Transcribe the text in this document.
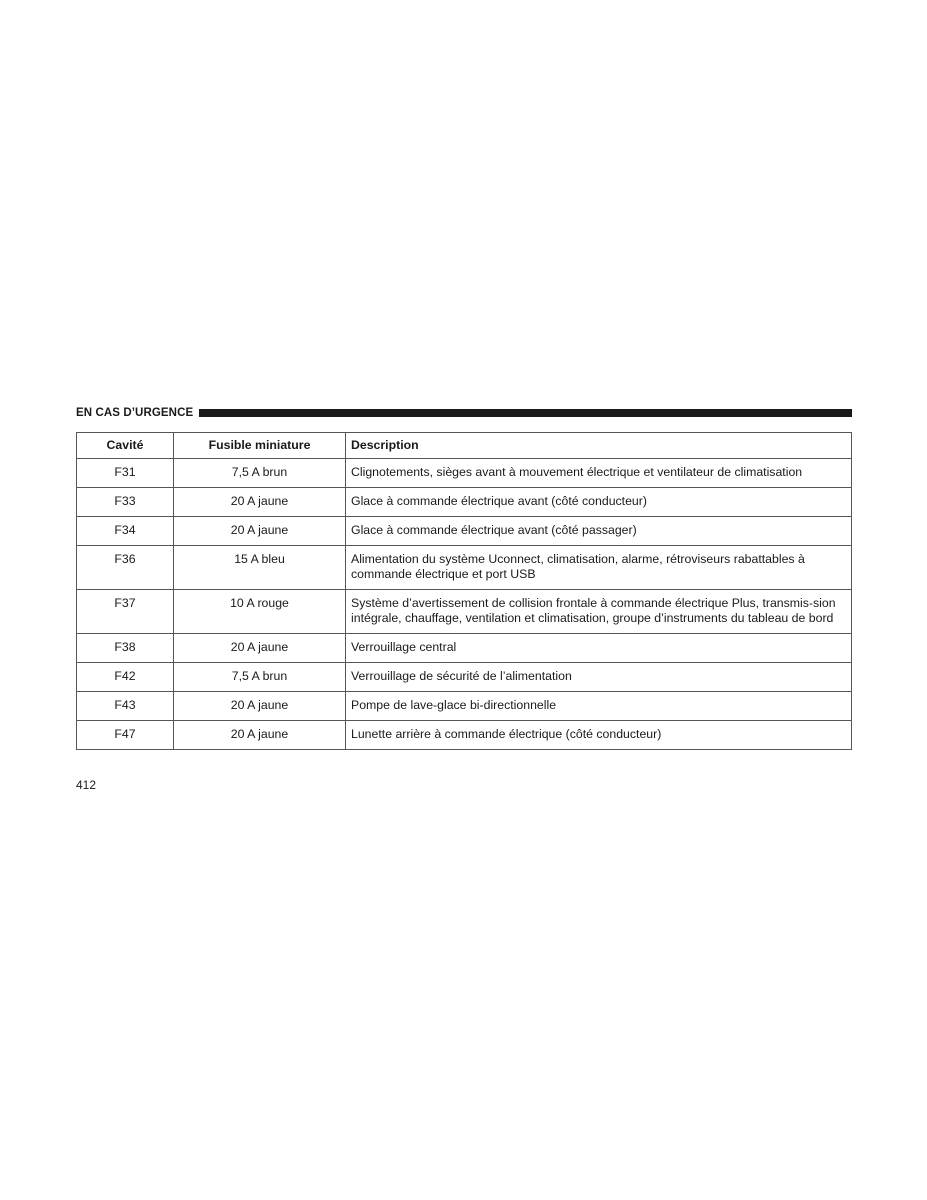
EN CAS D’URGENCE
Cavité	Fusible miniature	Description
F31	7,5 A brun	Clignotements, sièges avant à mouvement électrique et ventilateur de climatisation
F33	20 A jaune	Glace à commande électrique avant (côté conducteur)
F34	20 A jaune	Glace à commande électrique avant (côté passager)
F36	15 A bleu	Alimentation du système Uconnect, climatisation, alarme, rétroviseurs rabattables à commande électrique et port USB
F37	10 A rouge	Système d’avertissement de collision frontale à commande électrique Plus, transmis-sion intégrale, chauffage, ventilation et climatisation, groupe d’instruments du tableau de bord
F38	20 A jaune	Verrouillage central
F42	7,5 A brun	Verrouillage de sécurité de l’alimentation
F43	20 A jaune	Pompe de lave-glace bi-directionnelle
F47	20 A jaune	Lunette arrière à commande électrique (côté conducteur)
412
